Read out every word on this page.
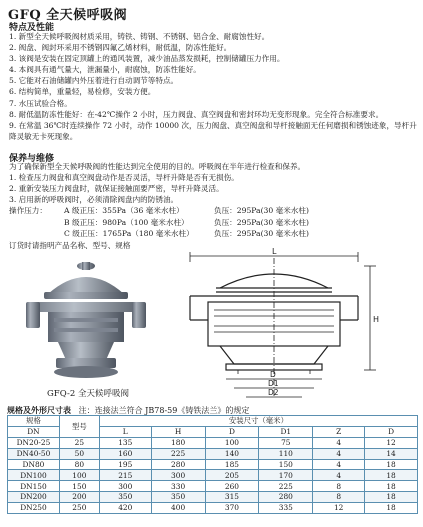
GFQ 全天候呼吸阀
特点及性能
1. 新型全天候呼吸阀材质采用，铸铁、铸钢、不锈钢、铝合金、耐腐蚀性好。
2. 阀盘、阀封环采用不锈钢四氟乙烯材料，耐低温，防冻性能好。
3. 该阀是安装在固定顶罐上的通风装置，减少油品蒸发损耗，控制储罐压力作用。
4. 本阀具有通气量大，泄漏量小，耐腐蚀，防冻性能好。
5. 它能对石油储罐内外压着进行自动调节等特点。
6. 结构简单，重量轻，易检修，安装方便。
7. 水压试验合格。
8. 耐低温防冻性能好：在-42℃操作 2 小时，压力阀盘、真空阀盘和密封环均无变形现象。完全符合标准要求。
9. 在常温 36℃时连续操作 72 小时，动作 10000 次，压力阀盘、真空阀盘和导杆接触面无任何磨损和锈蚀迹象，导杆升降灵敏无卡死现象。
保养与维修
为了确保新型全天候呼吸阀的性能达到完全使用的目的。呼吸阀在半年进行检查和保养。
1. 检查压力阀盘和真空阀盘动作是否灵活，导杆升降是否有无损伤。
2. 重新安装压力阀盘时，就保证接触面要严密，导杆升降灵活。
3. 启用新的呼吸阀时，必须清除阀盘内的防锈油。
操作压力：	A 级正压：355Pa（36 毫米水柱）	负压：295Pa(30 毫米水柱)
B 级正压：980Pa（100 毫米水柱）	负压：295Pa(30 毫米水柱)
C 级正压：1765Pa（180 毫米水柱）	负压：295Pa(30 毫米水柱)
订货时请指明产品名称、型号、规格
GFQ-2 全天候呼吸阀
L
H
D
D1
D2
规格及外形尺寸表 注：连接法兰符合 JB78-59《铸铁法兰》的规定
规格	型号	安装尺寸（毫米）					
DN		L	H	D	D1	Z	D
DN20-25	25	135	180	100	75	4	12
DN40-50	50	160	225	140	110	4	14
DN80	80	195	280	185	150	4	18
DN100	100	215	300	205	170	4	18
DN150	150	300	330	260	225	8	18
DN200	200	350	350	315	280	8	18
DN250	250	420	400	370	335	12	18
